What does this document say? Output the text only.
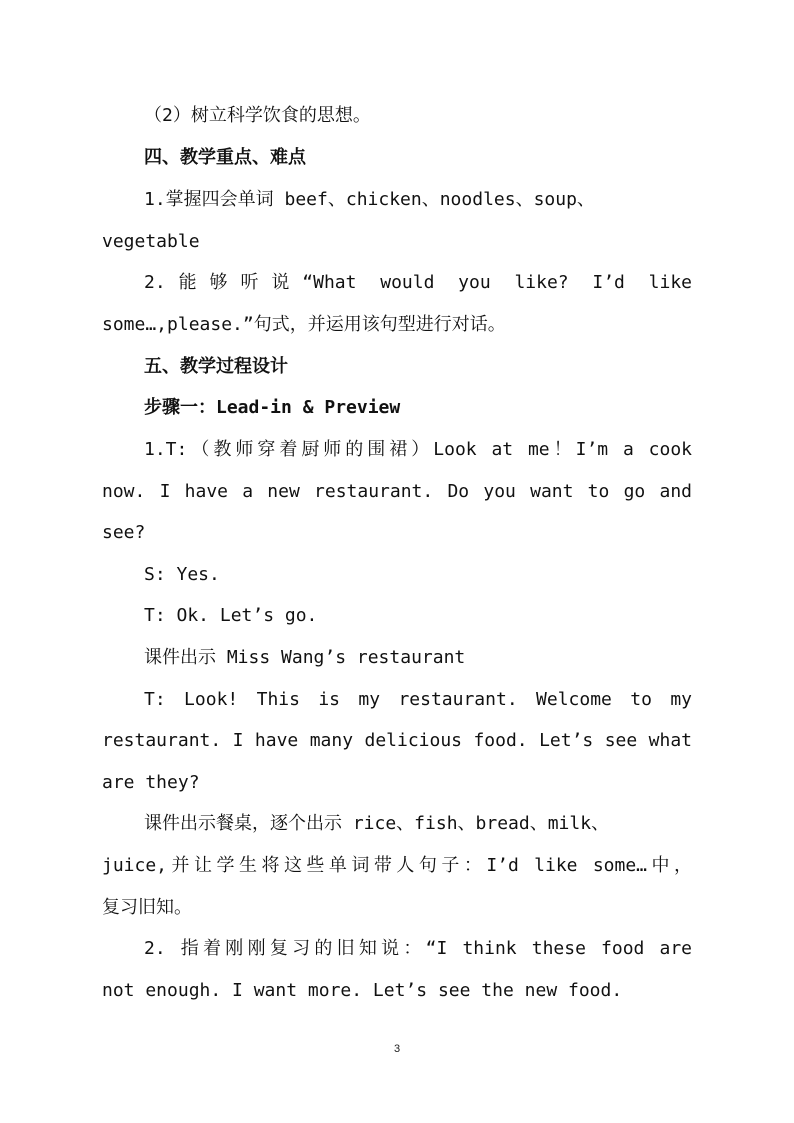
（2）树立科学饮食的思想。
四、教学重点、难点
1.掌握四会单词 beef、chicken、noodles、soup、
vegetable
2.能够听说“What would you like? I’d like
some…,please.”句式，并运用该句型进行对话。
五、教学过程设计
步骤一：Lead-in & Preview
1.T:（教师穿着厨师的围裙）Look at me！I’m a cook
now. I have a new restaurant. Do you want to go and
see?
S: Yes.
T: Ok. Let’s go.
课件出示 Miss Wang’s restaurant
T: Look! This is my restaurant. Welcome to my
restaurant. I have many delicious food. Let’s see what
are they?
课件出示餐桌，逐个出示 rice、fish、bread、milk、
juice,并让学生将这些单词带人句子：I’d like some…中，
复习旧知。
2. 指着刚刚复习的旧知说：“I think these food are
not enough. I want more. Let’s see the new food.
3
